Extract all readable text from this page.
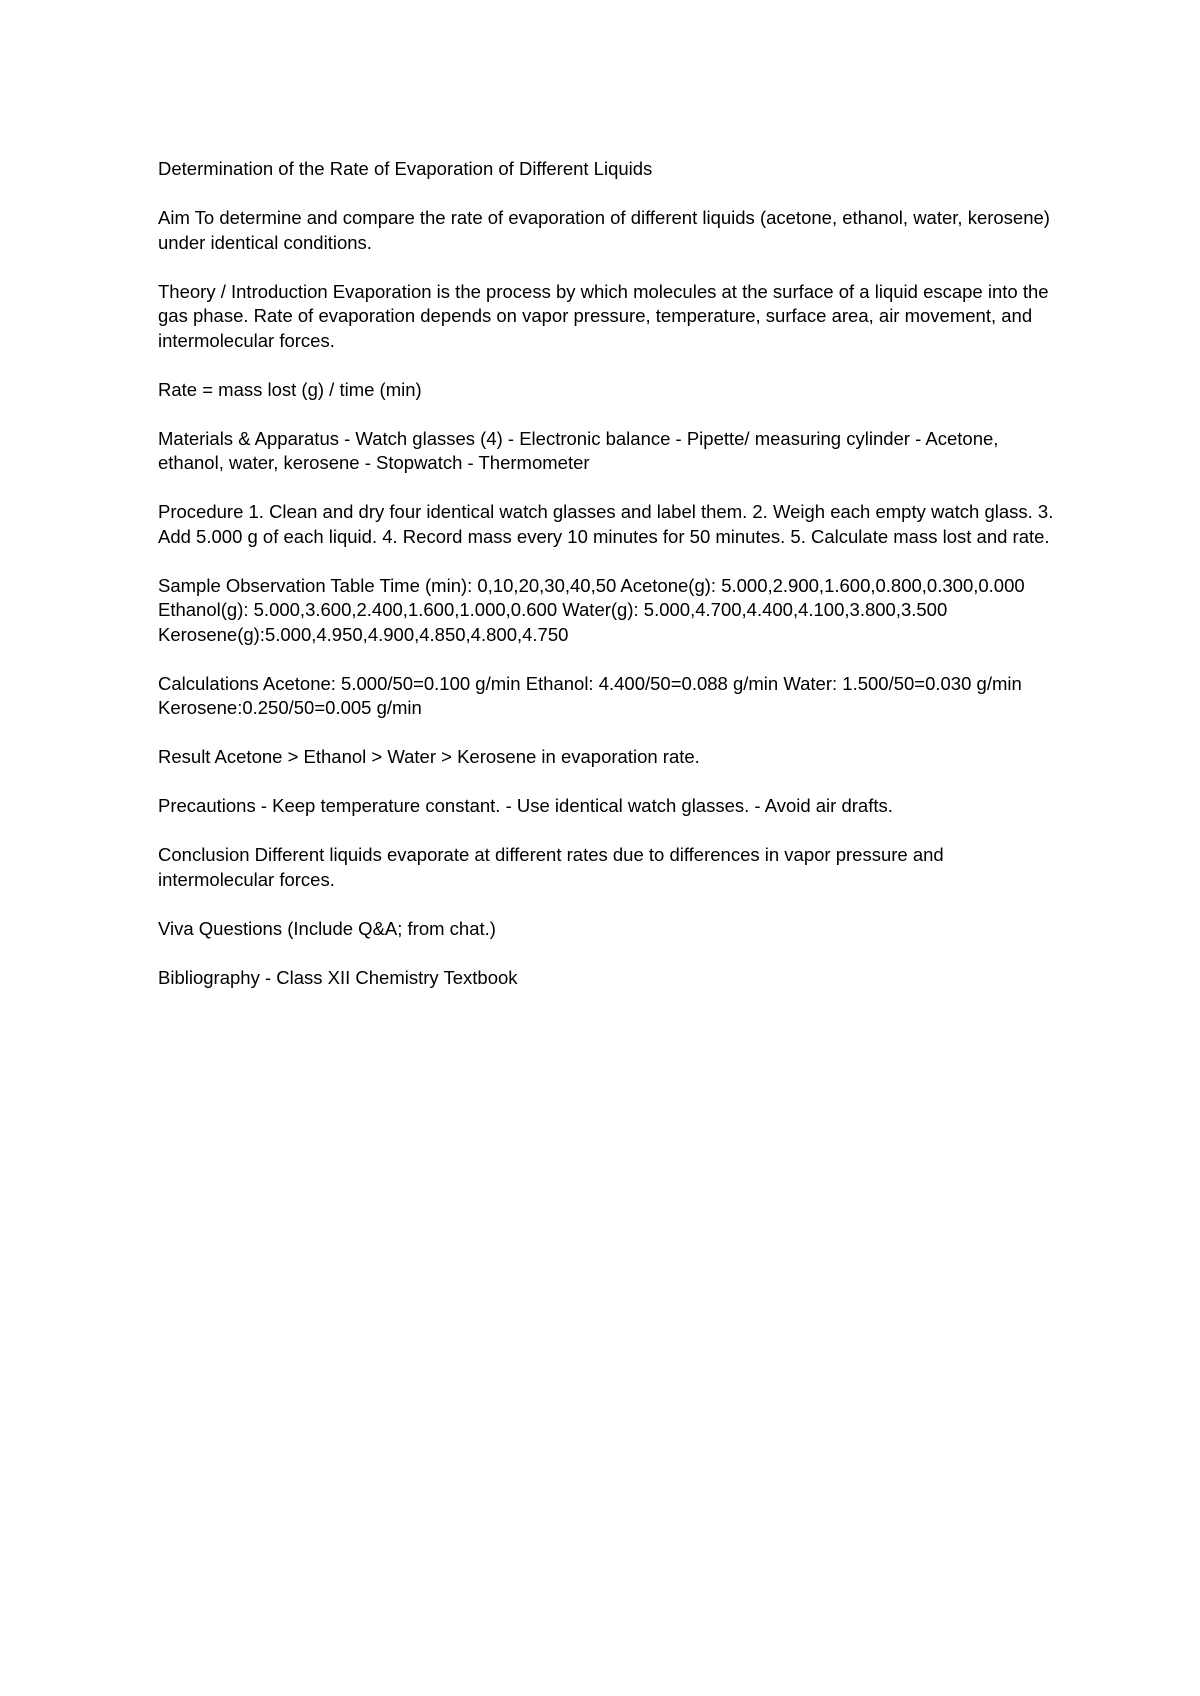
Determination of the Rate of Evaporation of Different Liquids

Aim To determine and compare the rate of evaporation of different liquids (acetone, ethanol, water, kerosene) under identical conditions.

Theory / Introduction Evaporation is the process by which molecules at the surface of a liquid escape into the gas phase. Rate of evaporation depends on vapor pressure, temperature, surface area, air movement, and intermolecular forces.

Rate = mass lost (g) / time (min)

Materials & Apparatus - Watch glasses (4) - Electronic balance - Pipette/ measuring cylinder - Acetone, ethanol, water, kerosene - Stopwatch - Thermometer

Procedure 1. Clean and dry four identical watch glasses and label them. 2. Weigh each empty watch glass. 3. Add 5.000 g of each liquid. 4. Record mass every 10 minutes for 50 minutes. 5. Calculate mass lost and rate.

Sample Observation Table Time (min): 0,10,20,30,40,50 Acetone(g): 5.000,2.900,1.600,0.800,0.300,0.000 Ethanol(g): 5.000,3.600,2.400,1.600,1.000,0.600 Water(g): 5.000,4.700,4.400,4.100,3.800,3.500 Kerosene(g):5.000,4.950,4.900,4.850,4.800,4.750

Calculations Acetone: 5.000/50=0.100 g/min Ethanol: 4.400/50=0.088 g/min Water: 1.500/50=0.030 g/min Kerosene:0.250/50=0.005 g/min

Result Acetone > Ethanol > Water > Kerosene in evaporation rate.

Precautions - Keep temperature constant. - Use identical watch glasses. - Avoid air drafts.

Conclusion Different liquids evaporate at different rates due to differences in vapor pressure and intermolecular forces.

Viva Questions (Include Q&A; from chat.)

Bibliography - Class XII Chemistry Textbook
